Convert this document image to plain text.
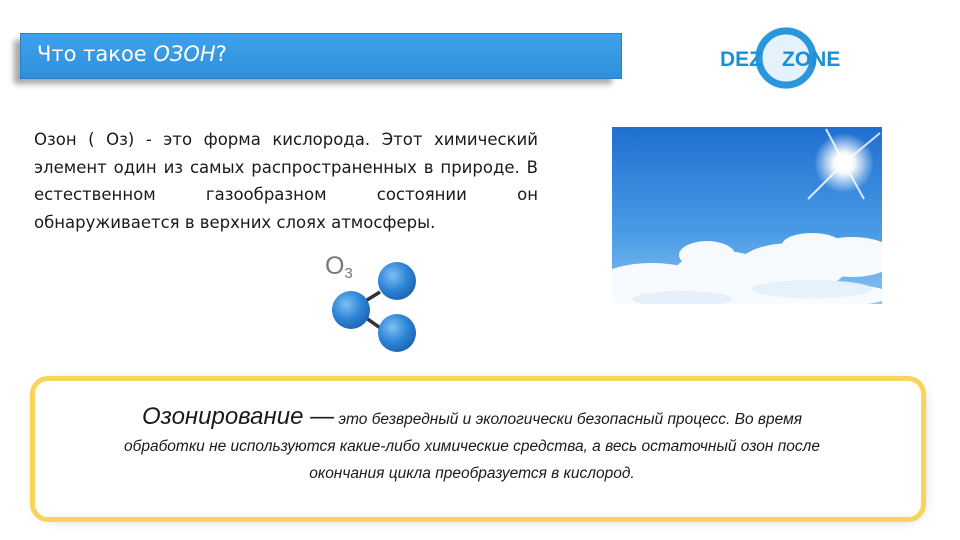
Что такое ОЗОН?	DEZ ZONE

Озон ( Оз) - это форма кислорода. Этот химический элемент один из самых распространенных в природе. В естественном газообразном состоянии он обнаруживается в верхних слоях атмосферы.

$O_3$

Озонирование — это безвредный и экологически безопасный процесс. Во время
обработки не используются какие-либо химические средства, а весь остаточный озон после
окончания цикла преобразуется в кислород.
